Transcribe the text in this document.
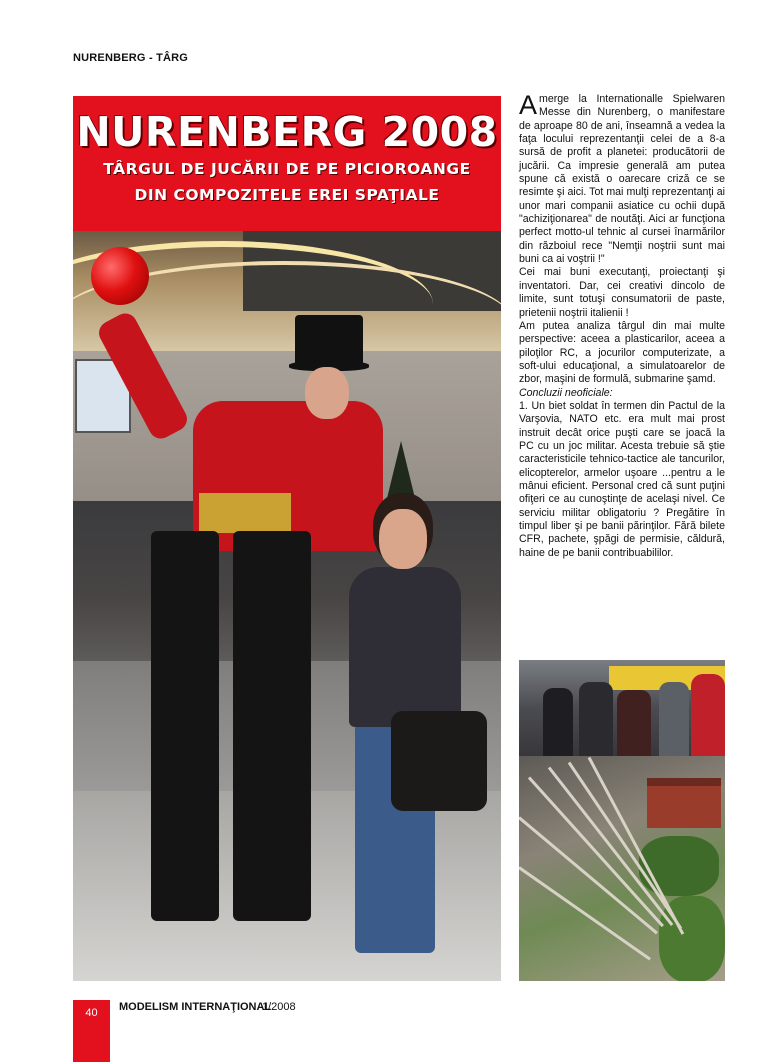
NURENBERG - TÂRG
NURENBERG 2008
TÂRGUL DE JUCĂRII DE PE PICIOROANGE
DIN COMPOZITELE EREI SPAŢIALE

Amerge la Internationalle Spielwaren Messe din Nurenberg, o manifestare de aproape 80 de ani, înseamnă a vedea la faţa locului reprezentanţii celei de a 8-a sursă de profit a planetei: producătorii de jucării. Ca impresie generală am putea spune că există o oarecare criză ce se resimte şi aici. Tot mai mulţi reprezentanţi ai unor mari companii asiatice cu ochii după "achiziţionarea" de noutăţi. Aici ar funcţiona perfect motto-ul tehnic al cursei înarmărilor din războiul rece "Nemţii noştrii sunt mai buni ca ai voştrii !"

Cei mai buni executanţi, proiectanţi şi inventatori. Dar, cei creativi dincolo de limite, sunt totuşi consumatorii de paste, prietenii noştrii italienii !

Am putea analiza târgul din mai multe perspective: aceea a plasticarilor, aceea a piloţilor RC, a jocurilor computerizate, a soft-ului educaţional, a simulatoarelor de zbor, maşini de formulă, submarine şamd.

Concluzii neoficiale:

1. Un biet soldat în termen din Pactul de la Varşovia, NATO etc. era mult mai prost instruit decât orice puşti care se joacă la PC cu un joc militar. Acesta trebuie să ştie caracteristicile tehnico-tactice ale tancurilor, elicopterelor, armelor uşoare ...pentru a le mânui eficient. Personal cred că sunt puţini ofiţeri ce au cunoştinţe de acelaşi nivel. Ce serviciu militar obligatoriu ? Pregătire în timpul liber şi pe banii părinţilor. Fără bilete CFR, pachete, şpăgi de permisie, căldură, haine de pe banii contribuabililor.

40	MODELISM INTERNAŢIONAL
1/2008
